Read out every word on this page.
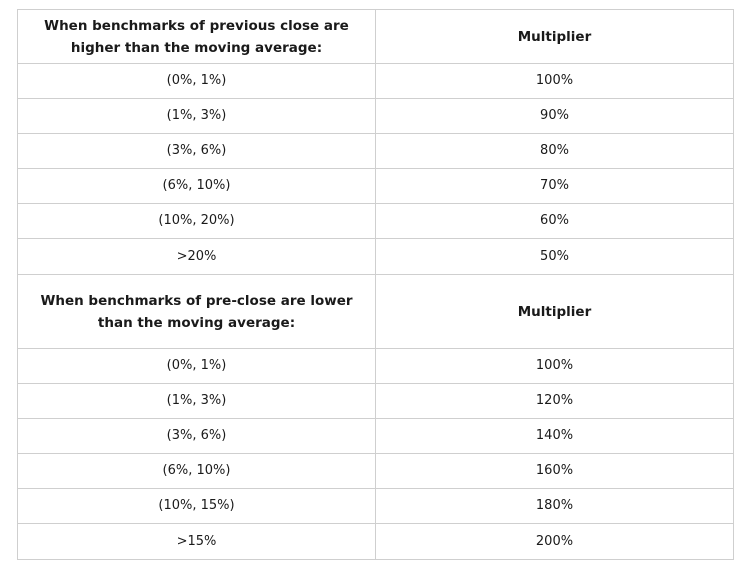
When benchmarks of previous close are higher than the moving average:	Multiplier
(0%, 1%)	100%
(1%, 3%)	90%
(3%, 6%)	80%
(6%, 10%)	70%
(10%, 20%)	60%
>20%	50%
When benchmarks of pre-close are lower than the moving average:	Multiplier
(0%, 1%)	100%
(1%, 3%)	120%
(3%, 6%)	140%
(6%, 10%)	160%
(10%, 15%)	180%
>15%	200%
